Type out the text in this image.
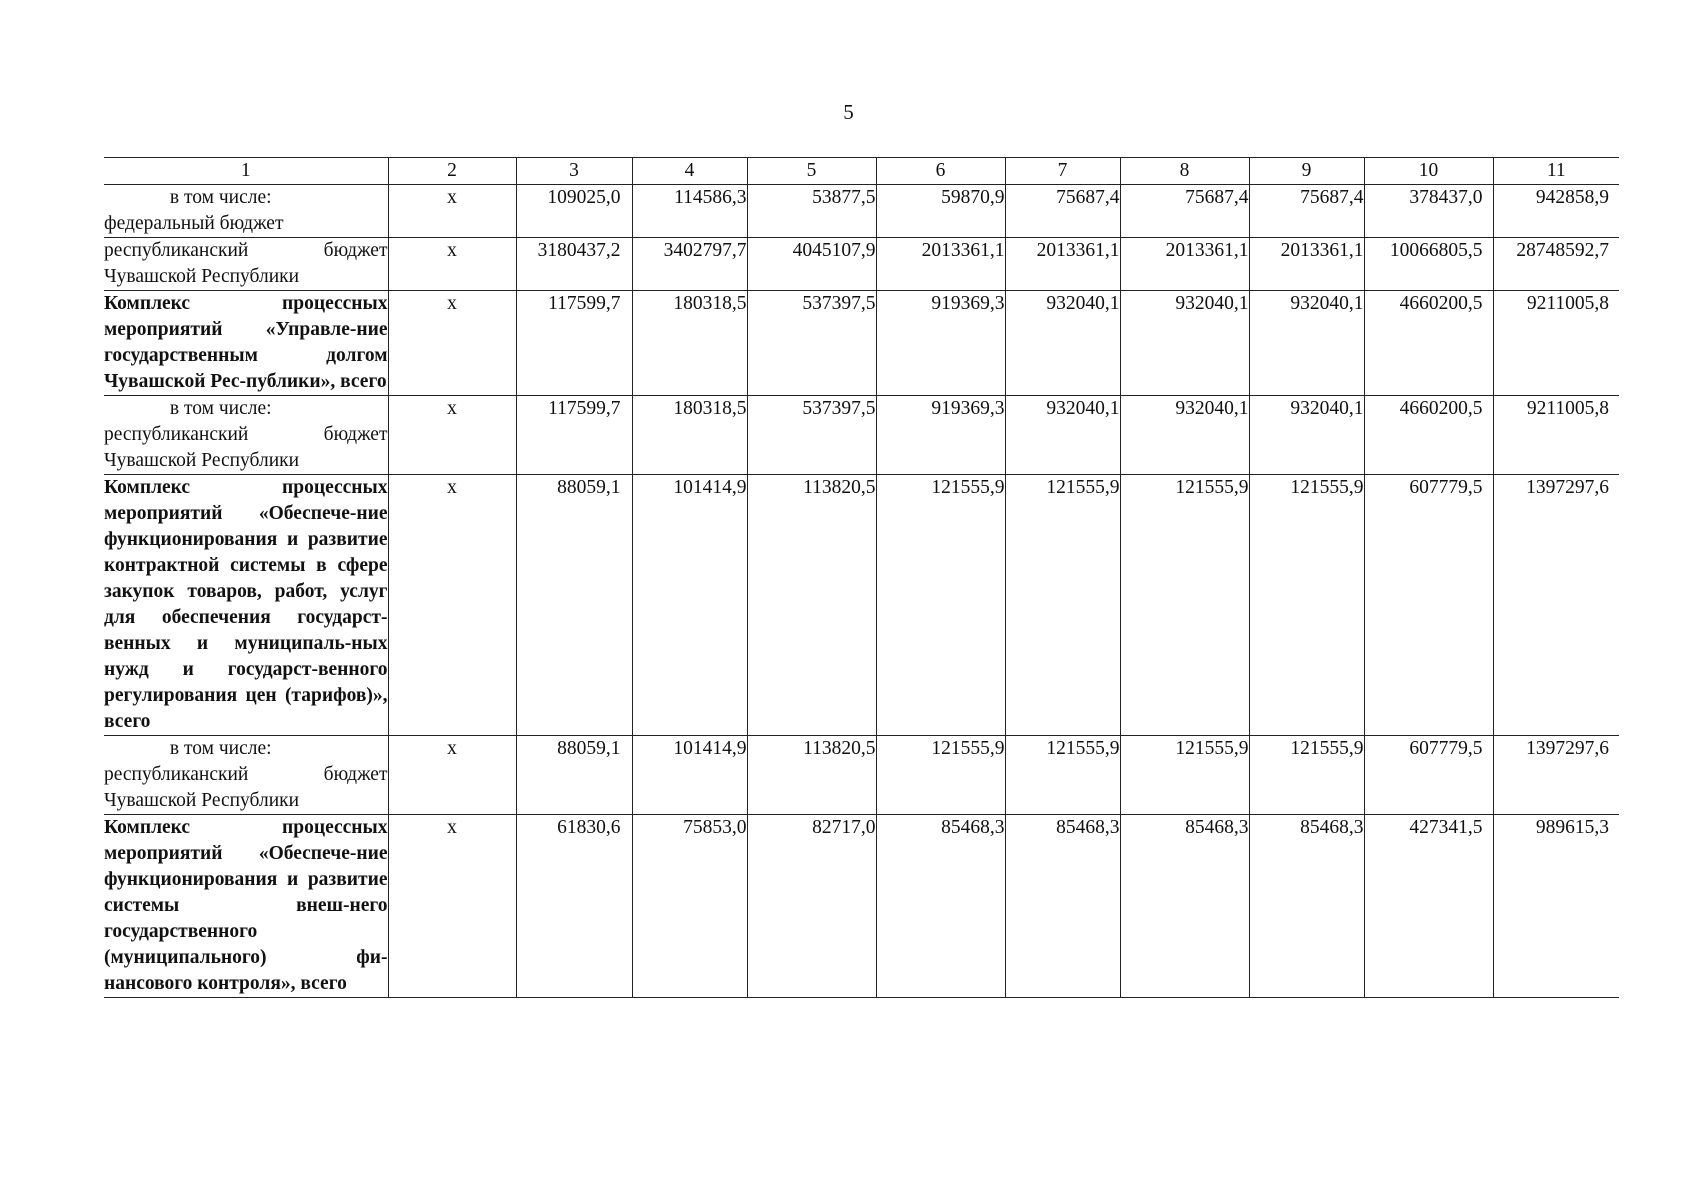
5
1	2	3	4	5	6	7	8	9	10	11

в том числе:
федеральный бюджет	x	109025,0	114586,3	53877,5	59870,9	75687,4	75687,4	75687,4	378437,0	942858,9
республиканский бюджет Чувашской Республики	x	3180437,2	3402797,7	4045107,9	2013361,1	2013361,1	2013361,1	2013361,1	10066805,5	28748592,7
Комплекс процессных мероприятий «Управле-ние государственным долгом Чувашской Рес-публики», всего	x	117599,7	180318,5	537397,5	919369,3	932040,1	932040,1	932040,1	4660200,5	9211005,8

в том числе:
республиканский бюджет Чувашской Республики	x	117599,7	180318,5	537397,5	919369,3	932040,1	932040,1	932040,1	4660200,5	9211005,8
Комплекс процессных мероприятий «Обеспече-ние функционирования и развитие контрактной системы в сфере закупок товаров, работ, услуг для обеспечения государст-венных и муниципаль-ных нужд и государст-венного регулирования цен (тарифов)», всего	x	88059,1	101414,9	113820,5	121555,9	121555,9	121555,9	121555,9	607779,5	1397297,6

в том числе:
республиканский бюджет Чувашской Республики	x	88059,1	101414,9	113820,5	121555,9	121555,9	121555,9	121555,9	607779,5	1397297,6
Комплекс процессных мероприятий «Обеспече-ние функционирования и развитие системы внеш-него государственного (муниципального) фи-нансового контроля», всего	x	61830,6	75853,0	82717,0	85468,3	85468,3	85468,3	85468,3	427341,5	989615,3
